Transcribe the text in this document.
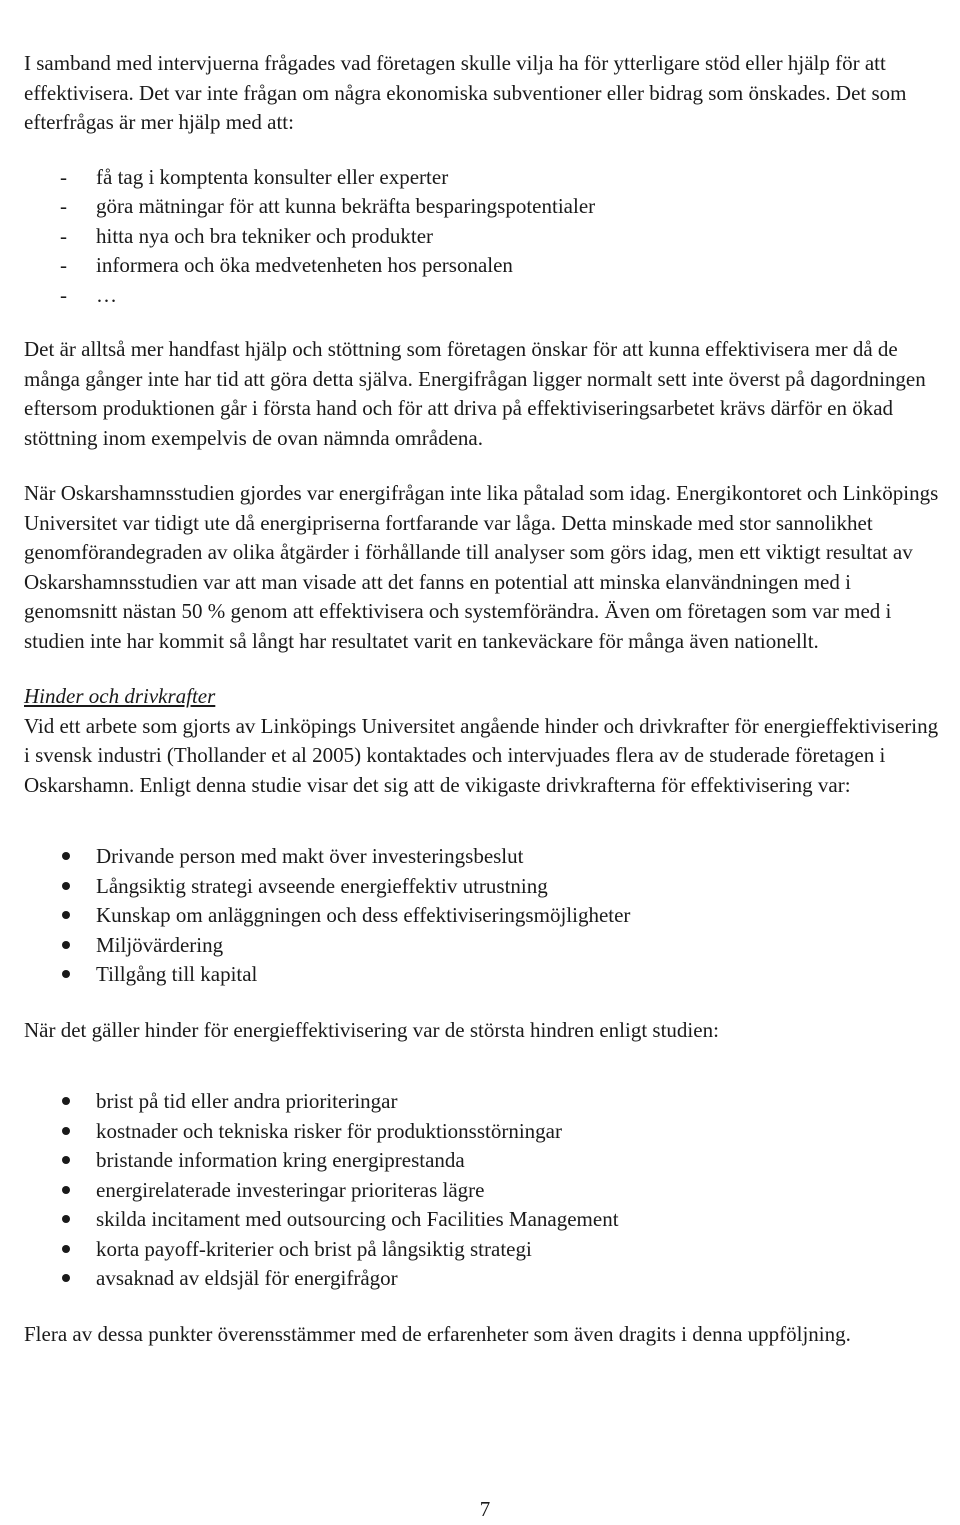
I samband med intervjuerna frågades vad företagen skulle vilja ha för ytterligare stöd eller hjälp för att effektivisera. Det var inte frågan om några ekonomiska subventioner eller bidrag som önskades. Det som efterfrågas är mer hjälp med att:

- få tag i komptenta konsulter eller experter
- göra mätningar för att kunna bekräfta besparingspotentialer
- hitta nya och bra tekniker och produkter
- informera och öka medvetenheten hos personalen
- …

Det är alltså mer handfast hjälp och stöttning som företagen önskar för att kunna effektivisera mer då de många gånger inte har tid att göra detta själva. Energifrågan ligger normalt sett inte överst på dagordningen eftersom produktionen går i första hand och för att driva på effektiviseringsarbetet krävs därför en ökad stöttning inom exempelvis de ovan nämnda områdena.

När Oskarshamnsstudien gjordes var energifrågan inte lika påtalad som idag. Energikontoret och Linköpings Universitet var tidigt ute då energipriserna fortfarande var låga. Detta minskade med stor sannolikhet genomförandegraden av olika åtgärder i förhållande till analyser som görs idag, men ett viktigt resultat av Oskarshamnsstudien var att man visade att det fanns en potential att minska elanvändningen med i genomsnitt nästan 50 % genom att effektivisera och systemförändra. Även om företagen som var med i studien inte har kommit så långt har resultatet varit en tankeväckare för många även nationellt.

Hinder och drivkrafter

Vid ett arbete som gjorts av Linköpings Universitet angående hinder och drivkrafter för energieffektivisering i svensk industri (Thollander et al 2005) kontaktades och intervjuades flera av de studerade företagen i Oskarshamn. Enligt denna studie visar det sig att de vikigaste drivkrafterna för effektivisering var:

Drivande person med makt över investeringsbeslut
Långsiktig strategi avseende energieffektiv utrustning
Kunskap om anläggningen och dess effektiviseringsmöjligheter
Miljövärdering
Tillgång till kapital

När det gäller hinder för energieffektivisering var de största hindren enligt studien:

brist på tid eller andra prioriteringar
kostnader och tekniska risker för produktionsstörningar
bristande information kring energiprestanda
energirelaterade investeringar prioriteras lägre
skilda incitament med outsourcing och Facilities Management
korta payoff-kriterier och brist på långsiktig strategi
avsaknad av eldsjäl för energifrågor

Flera av dessa punkter överensstämmer med de erfarenheter som även dragits i denna uppföljning.

7
